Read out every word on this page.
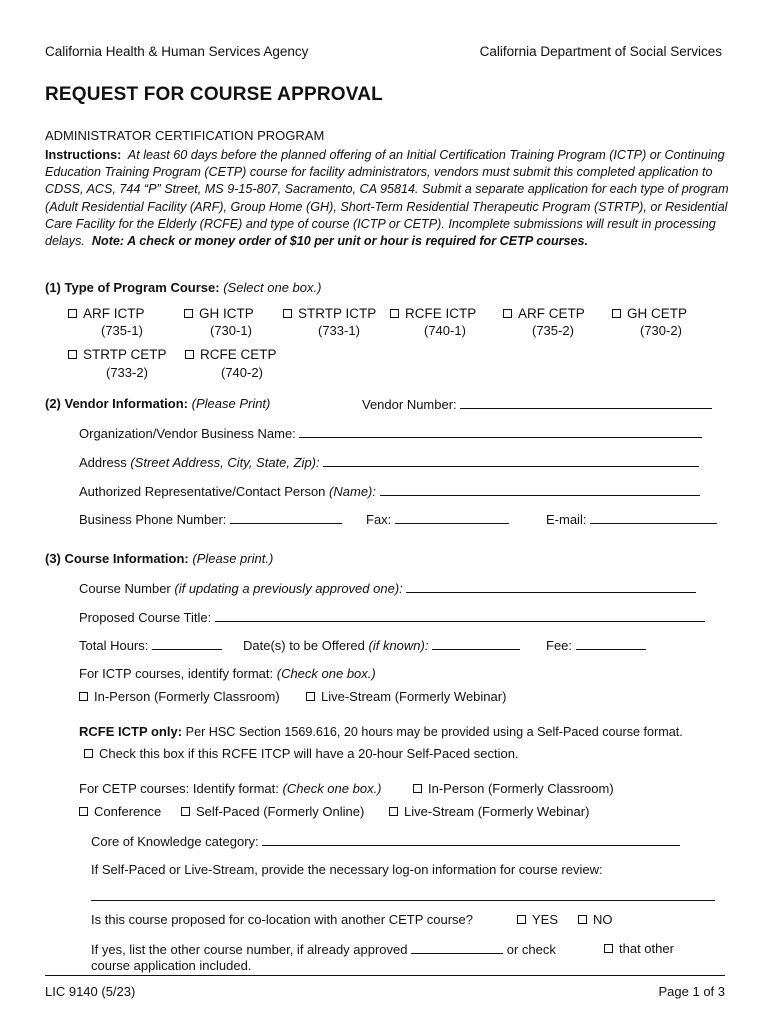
California Health & Human Services Agency	California Department of Social Services
REQUEST FOR COURSE APPROVAL
ADMINISTRATOR CERTIFICATION PROGRAM
Instructions: At least 60 days before the planned offering of an Initial Certification Training Program (ICTP) or Continuing Education Training Program (CETP) course for facility administrators, vendors must submit this completed application to CDSS, ACS, 744 “P” Street, MS 9-15-807, Sacramento, CA 95814. Submit a separate application for each type of program (Adult Residential Facility (ARF), Group Home (GH), Short-Term Residential Therapeutic Program (STRTP), or Residential Care Facility for the Elderly (RCFE) and type of course (ICTP or CETP). Incomplete submissions will result in processing delays. Note: A check or money order of $10 per unit or hour is required for CETP courses.
(1) Type of Program Course: (Select one box.)
ARF ICTP
(735-1)
GH ICTP
(730-1)
STRTP ICTP
(733-1)
RCFE ICTP
(740-1)
ARF CETP
(735-2)
GH CETP
(730-2)
STRTP CETP
(733-2)
RCFE CETP
(740-2)
(2) Vendor Information: (Please Print)	Vendor Number:
Organization/Vendor Business Name:
Address (Street Address, City, State, Zip):
Authorized Representative/Contact Person (Name):
Business Phone Number:	Fax:	E-mail:
(3) Course Information: (Please print.)
Course Number (if updating a previously approved one):
Proposed Course Title:
Total Hours:	Date(s) to be Offered (if known):	Fee:
For ICTP courses, identify format: (Check one box.)
In-Person (Formerly Classroom)	Live-Stream (Formerly Webinar)
RCFE ICTP only: Per HSC Section 1569.616, 20 hours may be provided using a Self-Paced course format.
Check this box if this RCFE ITCP will have a 20-hour Self-Paced section.
For CETP courses: Identify format: (Check one box.)	In-Person (Formerly Classroom)
Conference	Self-Paced (Formerly Online)	Live-Stream (Formerly Webinar)
Core of Knowledge category:
If Self-Paced or Live-Stream, provide the necessary log-on information for course review:
Is this course proposed for co-location with another CETP course?	YES	NO
If yes, list the other course number, if already approved	or check	that other
course application included.
LIC 9140 (5/23)	Page 1 of 3
